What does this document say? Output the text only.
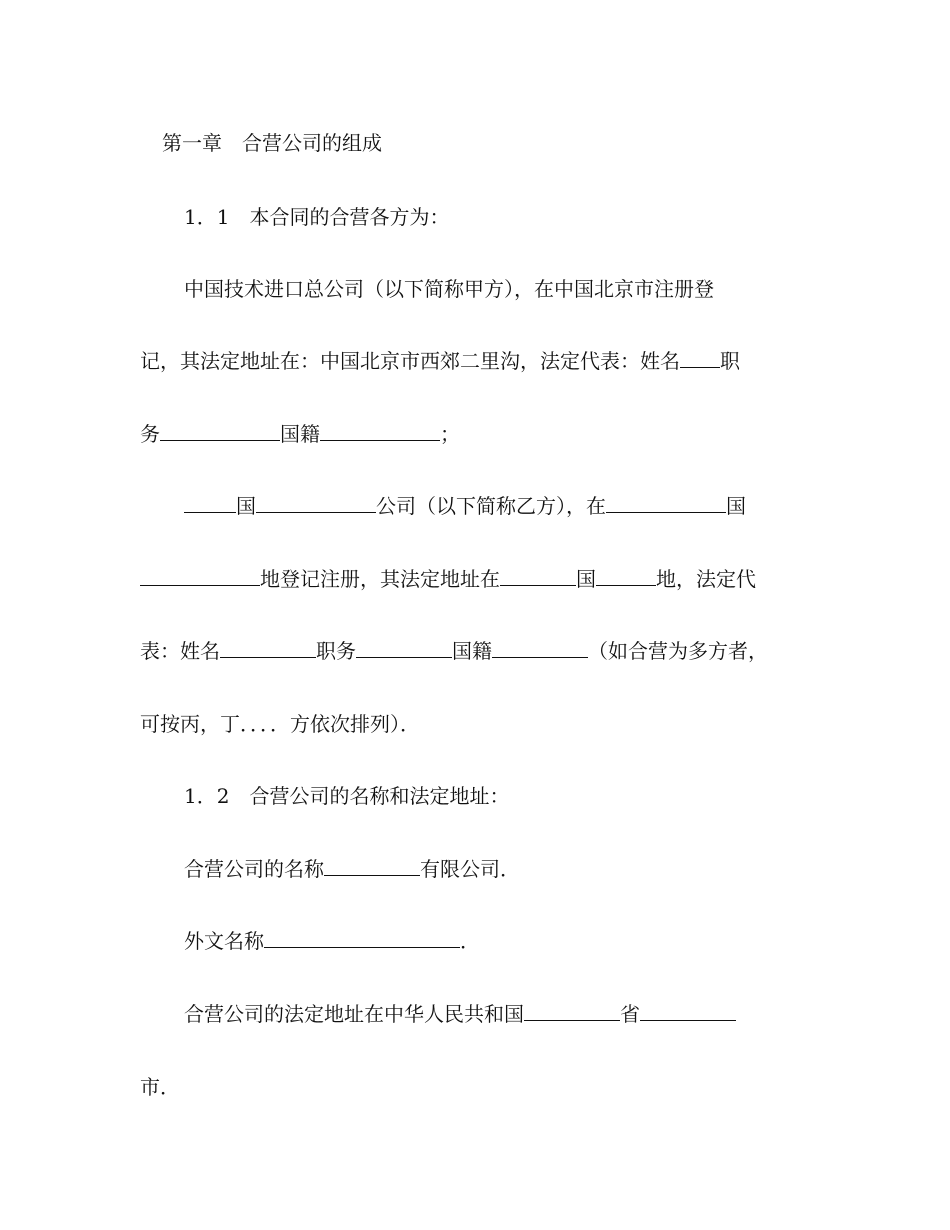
第一章　合营公司的组成
1．1　本合同的合营各方为：
中国技术进口总公司（以下简称甲方），在中国北京市注册登
记，其法定地址在：中国北京市西郊二里沟，法定代表：姓名 职
务	国籍	；
国	公司（以下简称乙方），在	国
地登记注册，其法定地址在	国	地，法定代
表：姓名	职务	国籍	（如合营为多方者，
可按丙，丁．．．．方依次排列）．
1．2　合营公司的名称和法定地址：
合营公司的名称	有限公司．
外文名称	．
合营公司的法定地址在中华人民共和国	省
市．
